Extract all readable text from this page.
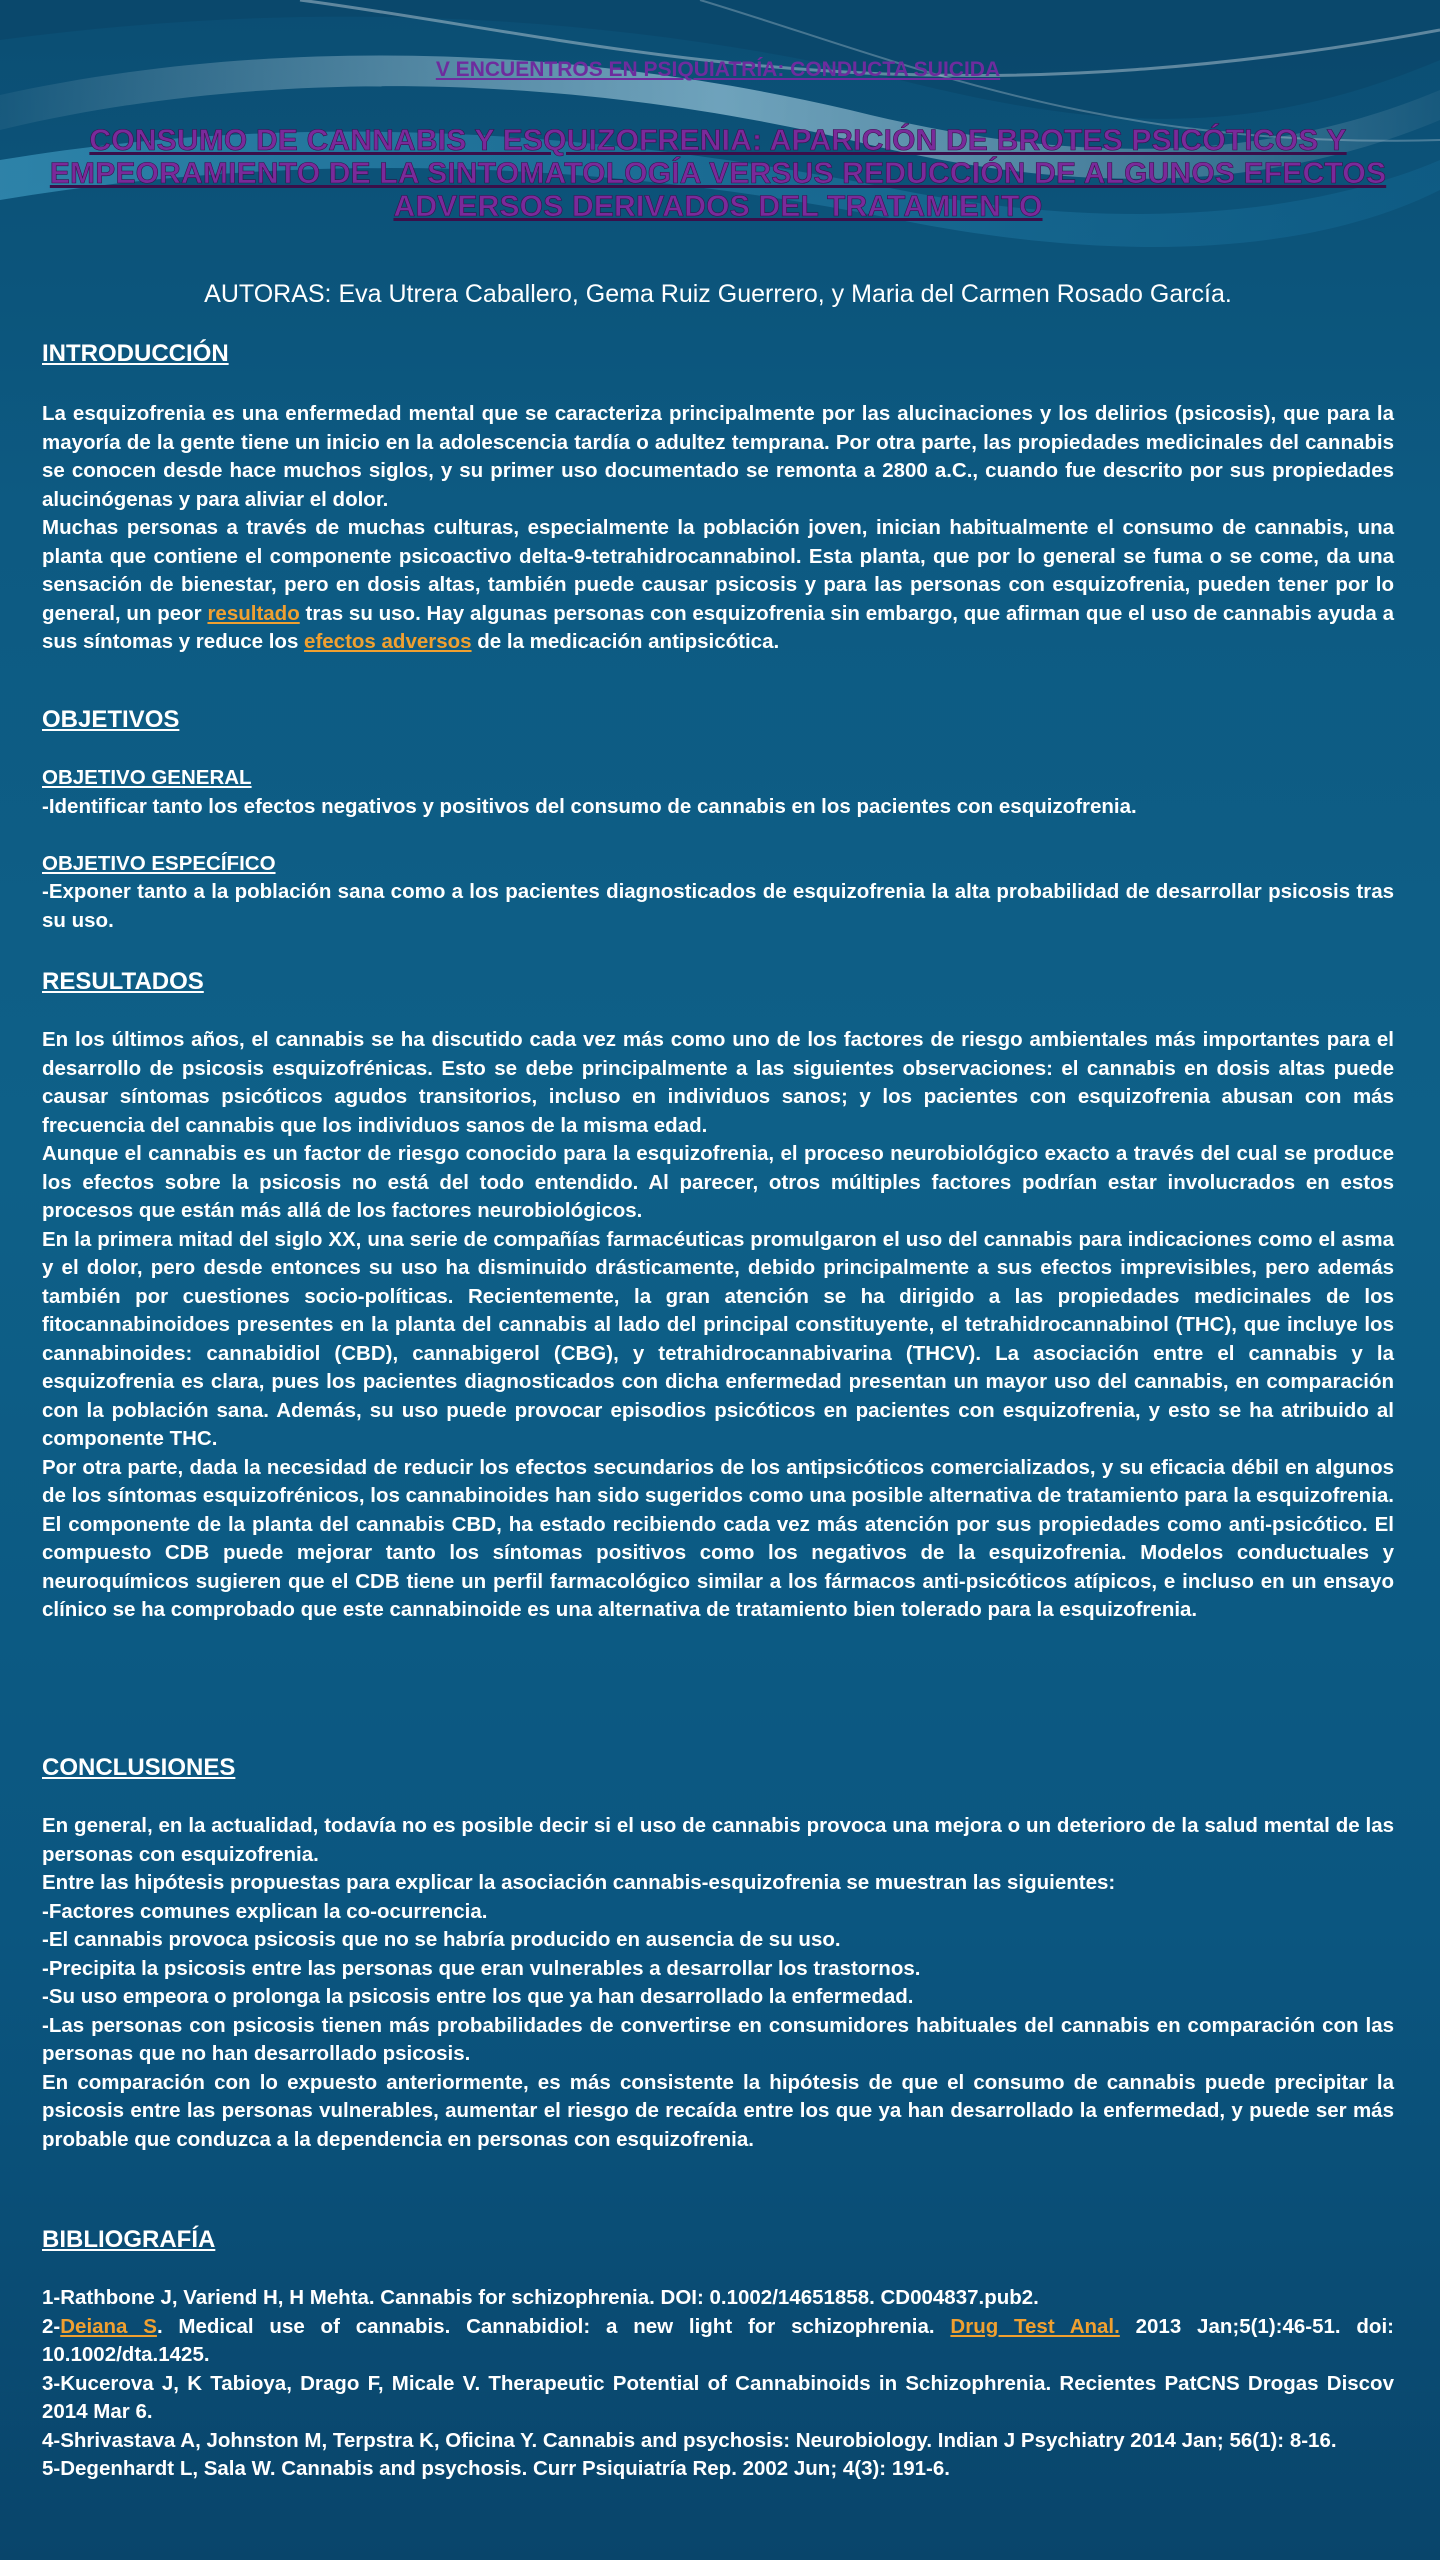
V ENCUENTROS EN PSIQUIATRÍA: CONDUCTA SUICIDA
CONSUMO DE CANNABIS Y ESQUIZOFRENIA: APARICIÓN DE BROTES PSICÓTICOS Y EMPEORAMIENTO DE LA SINTOMATOLOGÍA VERSUS REDUCCIÓN DE ALGUNOS EFECTOS ADVERSOS DERIVADOS DEL TRATAMIENTO
AUTORAS: Eva Utrera Caballero, Gema Ruiz Guerrero, y Maria del Carmen Rosado García.
INTRODUCCIÓN

La esquizofrenia es una enfermedad mental que se caracteriza principalmente por las alucinaciones y los delirios (psicosis), que para la mayoría de la gente tiene un inicio en la adolescencia tardía o adultez temprana. Por otra parte, las propiedades medicinales del cannabis se conocen desde hace muchos siglos, y su primer uso documentado se remonta a 2800 a.C., cuando fue descrito por sus propiedades alucinógenas y para aliviar el dolor.

Muchas personas a través de muchas culturas, especialmente la población joven, inician habitualmente el consumo de cannabis, una planta que contiene el componente psicoactivo delta-9-tetrahidrocannabinol. Esta planta, que por lo general se fuma o se come, da una sensación de bienestar, pero en dosis altas, también puede causar psicosis y para las personas con esquizofrenia, pueden tener por lo general, un peor resultado tras su uso. Hay algunas personas con esquizofrenia sin embargo, que afirman que el uso de cannabis ayuda a sus síntomas y reduce los efectos adversos de la medicación antipsicótica.

OBJETIVOS

OBJETIVO GENERAL

-Identificar tanto los efectos negativos y positivos del consumo de cannabis en los pacientes con esquizofrenia.

OBJETIVO ESPECÍFICO

-Exponer tanto a la población sana como a los pacientes diagnosticados de esquizofrenia la alta probabilidad de desarrollar psicosis tras su uso.

RESULTADOS

En los últimos años, el cannabis se ha discutido cada vez más como uno de los factores de riesgo ambientales más importantes para el desarrollo de psicosis esquizofrénicas. Esto se debe principalmente a las siguientes observaciones: el cannabis en dosis altas puede causar síntomas psicóticos agudos transitorios, incluso en individuos sanos; y los pacientes con esquizofrenia abusan con más frecuencia del cannabis que los individuos sanos de la misma edad.

Aunque el cannabis es un factor de riesgo conocido para la esquizofrenia, el proceso neurobiológico exacto a través del cual se produce los efectos sobre la psicosis no está del todo entendido. Al parecer, otros múltiples factores podrían estar involucrados en estos procesos que están más allá de los factores neurobiológicos.

En la primera mitad del siglo XX, una serie de compañías farmacéuticas promulgaron el uso del cannabis para indicaciones como el asma y el dolor, pero desde entonces su uso ha disminuido drásticamente, debido principalmente a sus efectos imprevisibles, pero además también por cuestiones socio-políticas. Recientemente, la gran atención se ha dirigido a las propiedades medicinales de los fitocannabinoidoes presentes en la planta del cannabis al lado del principal constituyente, el tetrahidrocannabinol (THC), que incluye los cannabinoides: cannabidiol (CBD), cannabigerol (CBG), y tetrahidrocannabivarina (THCV). La asociación entre el cannabis y la esquizofrenia es clara, pues los pacientes diagnosticados con dicha enfermedad presentan un mayor uso del cannabis, en comparación con la población sana. Además, su uso puede provocar episodios psicóticos en pacientes con esquizofrenia, y esto se ha atribuido al componente THC.

Por otra parte, dada la necesidad de reducir los efectos secundarios de los antipsicóticos comercializados, y su eficacia débil en algunos de los síntomas esquizofrénicos, los cannabinoides han sido sugeridos como una posible alternativa de tratamiento para la esquizofrenia. El componente de la planta del cannabis CBD, ha estado recibiendo cada vez más atención por sus propiedades como anti-psicótico. El compuesto CDB puede mejorar tanto los síntomas positivos como los negativos de la esquizofrenia. Modelos conductuales y neuroquímicos sugieren que el CDB tiene un perfil farmacológico similar a los fármacos anti-psicóticos atípicos, e incluso en un ensayo clínico se ha comprobado que este cannabinoide es una alternativa de tratamiento bien tolerado para la esquizofrenia.

CONCLUSIONES

En general, en la actualidad, todavía no es posible decir si el uso de cannabis provoca una mejora o un deterioro de la salud mental de las personas con esquizofrenia.

Entre las hipótesis propuestas para explicar la asociación cannabis-esquizofrenia se muestran las siguientes:

-Factores comunes explican la co-ocurrencia.

-El cannabis provoca psicosis que no se habría producido en ausencia de su uso.

-Precipita la psicosis entre las personas que eran vulnerables a desarrollar los trastornos.

-Su uso empeora o prolonga la psicosis entre los que ya han desarrollado la enfermedad.

-Las personas con psicosis tienen más probabilidades de convertirse en consumidores habituales del cannabis en comparación con las personas que no han desarrollado psicosis.

En comparación con lo expuesto anteriormente, es más consistente la hipótesis de que el consumo de cannabis puede precipitar la psicosis entre las personas vulnerables, aumentar el riesgo de recaída entre los que ya han desarrollado la enfermedad, y puede ser más probable que conduzca a la dependencia en personas con esquizofrenia.

BIBLIOGRAFÍA

1-Rathbone J, Variend H, H Mehta. Cannabis for schizophrenia. DOI: 0.1002/14651858. CD004837.pub2.

2-Deiana S. Medical use of cannabis. Cannabidiol: a new light for schizophrenia. Drug Test Anal. 2013 Jan;5(1):46-51. doi: 10.1002/dta.1425.

3-Kucerova J, K Tabioya, Drago F, Micale V. Therapeutic Potential of Cannabinoids in Schizophrenia. Recientes PatCNS Drogas Discov 2014 Mar 6.

4-Shrivastava A, Johnston M, Terpstra K, Oficina Y. Cannabis and psychosis: Neurobiology. Indian J Psychiatry 2014 Jan; 56(1): 8-16.

5-Degenhardt L, Sala W. Cannabis and psychosis. Curr Psiquiatría Rep. 2002 Jun; 4(3): 191-6.
